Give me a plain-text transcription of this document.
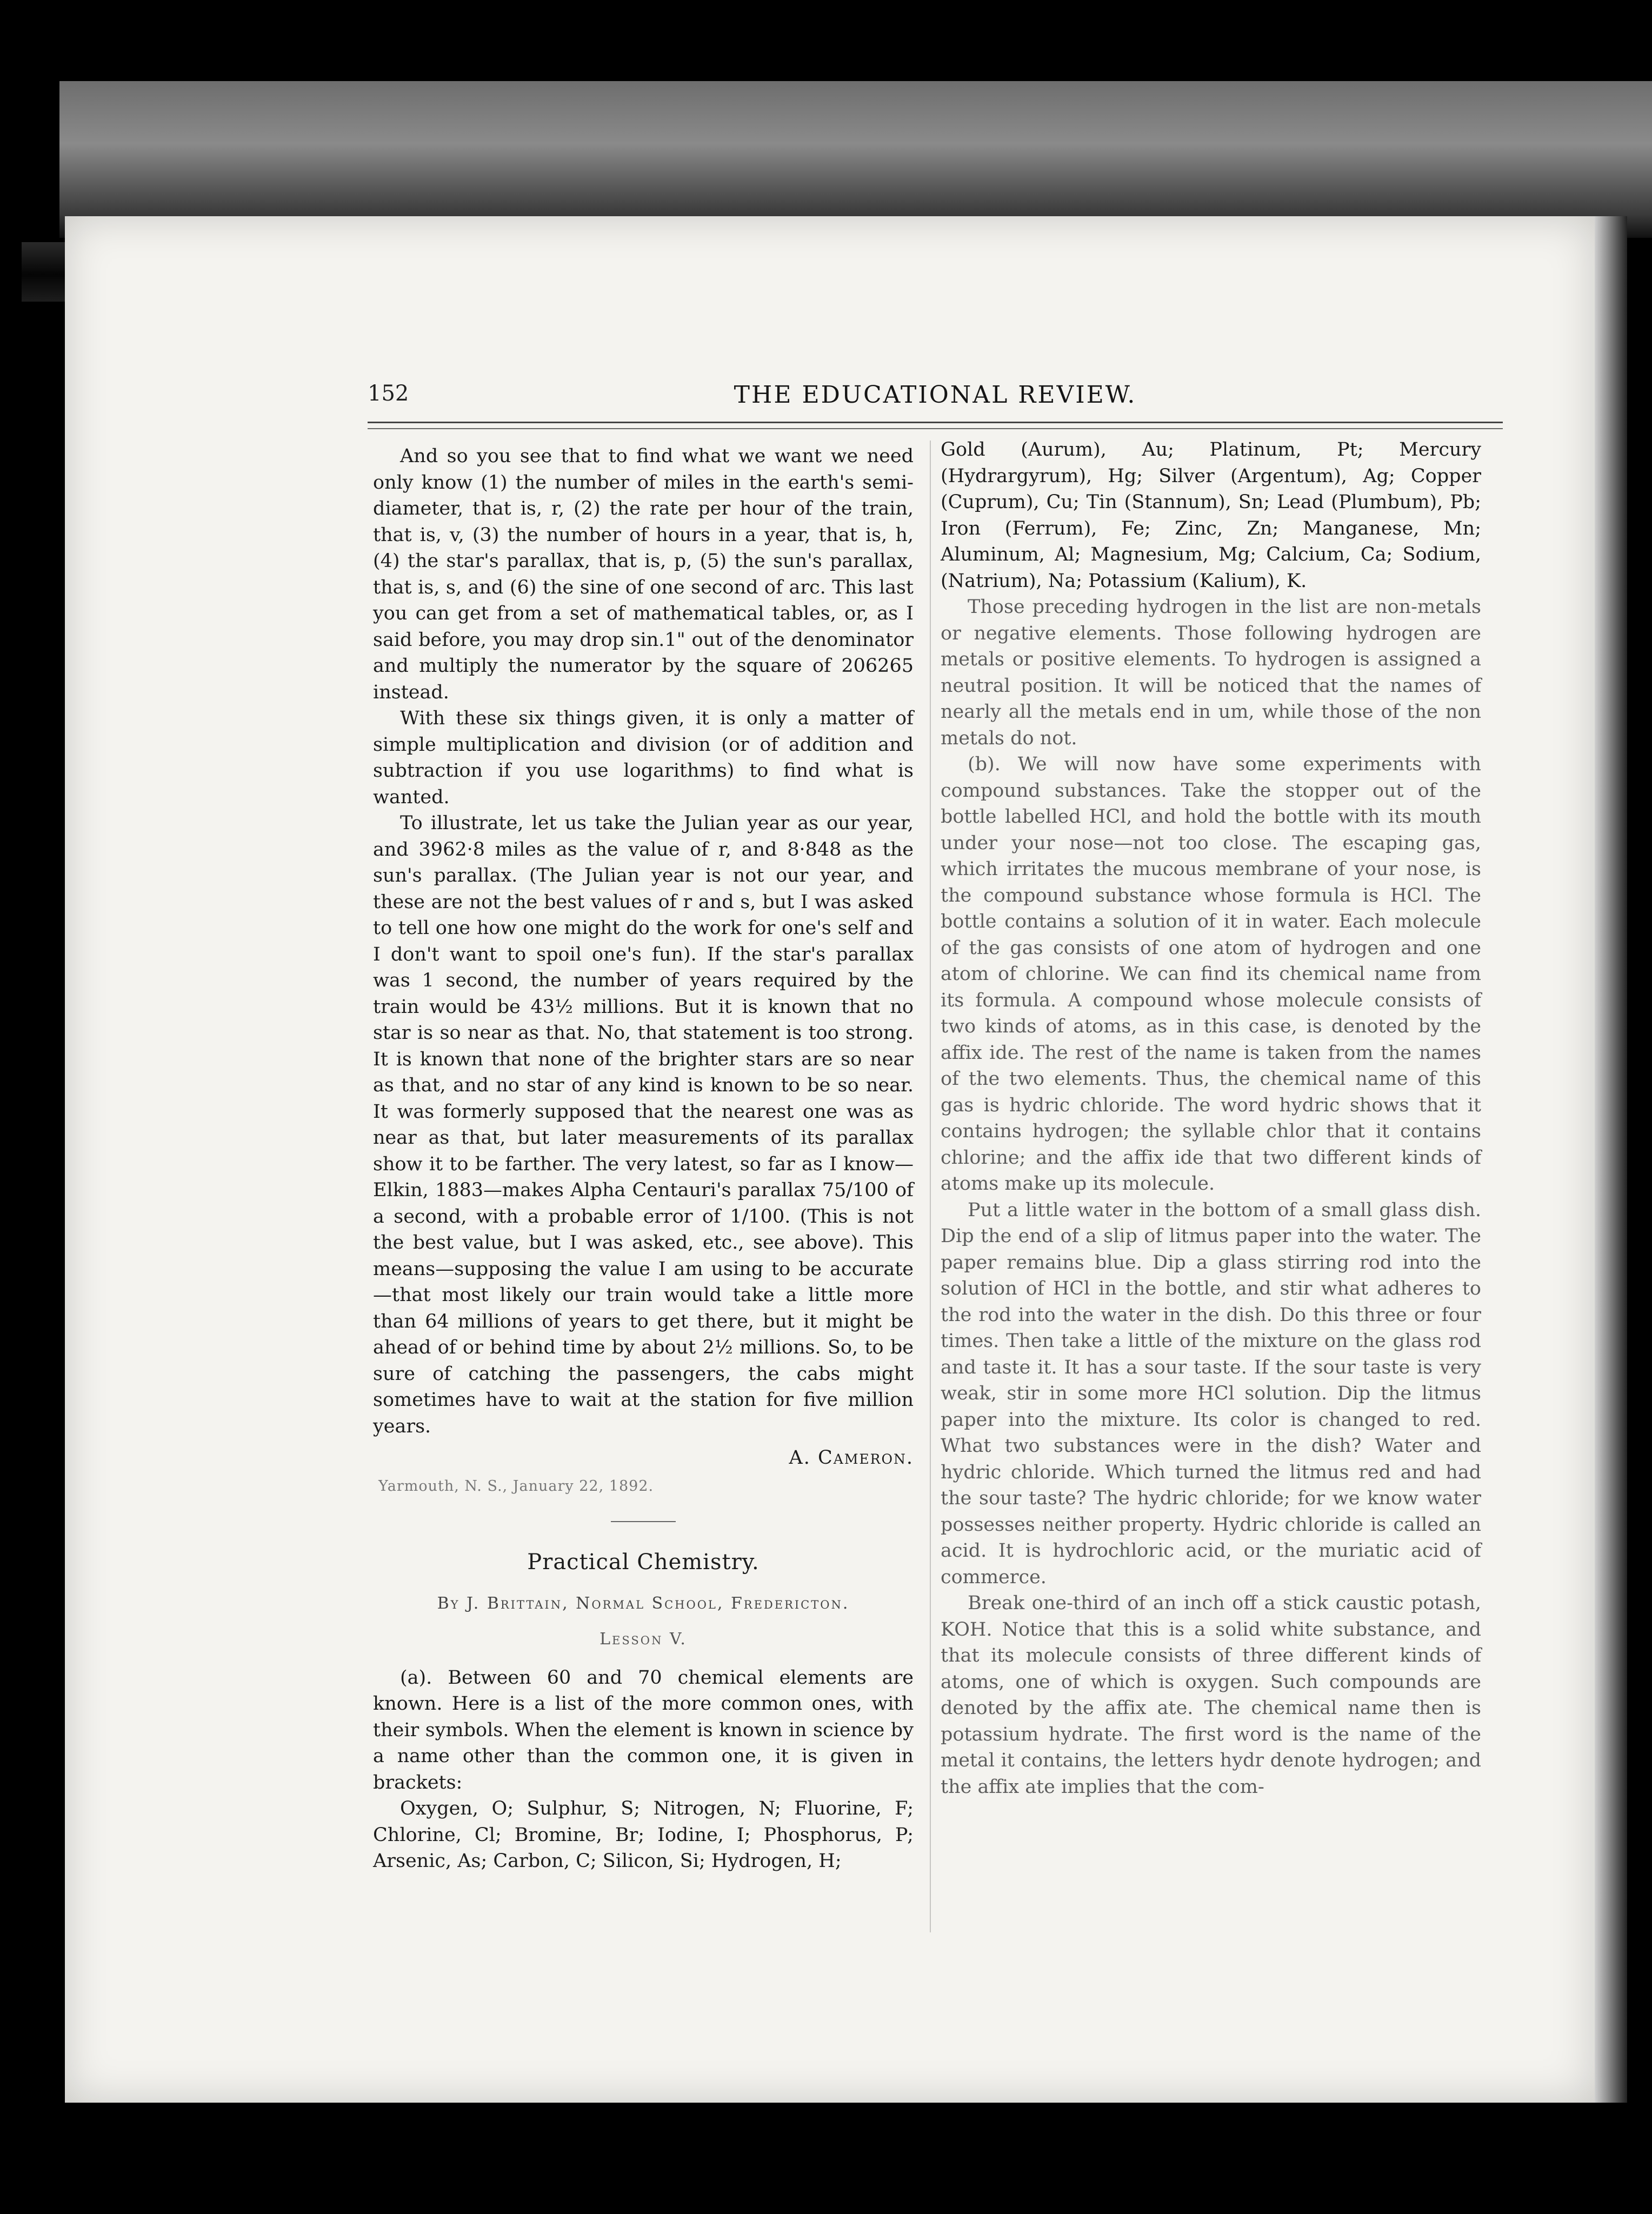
152	THE EDUCATIONAL REVIEW.

And so you see that to find what we want we need only know (1) the number of miles in the earth's semi-diameter, that is, r, (2) the rate per hour of the train, that is, v, (3) the number of hours in a year, that is, h, (4) the star's parallax, that is, p, (5) the sun's parallax, that is, s, and (6) the sine of one second of arc. This last you can get from a set of mathematical tables, or, as I said before, you may drop sin.1" out of the denominator and multiply the numerator by the square of 206265 instead.

With these six things given, it is only a matter of simple multiplication and division (or of addition and subtraction if you use logarithms) to find what is wanted.

To illustrate, let us take the Julian year as our year, and 3962·8 miles as the value of r, and 8·848 as the sun's parallax. (The Julian year is not our year, and these are not the best values of r and s, but I was asked to tell one how one might do the work for one's self and I don't want to spoil one's fun). If the star's parallax was 1 second, the number of years required by the train would be 43½ millions. But it is known that no star is so near as that. No, that statement is too strong. It is known that none of the brighter stars are so near as that, and no star of any kind is known to be so near. It was formerly supposed that the nearest one was as near as that, but later measurements of its parallax show it to be farther. The very latest, so far as I know—Elkin, 1883—makes Alpha Centauri's parallax 75/100 of a second, with a probable error of 1/100. (This is not the best value, but I was asked, etc., see above). This means—supposing the value I am using to be accurate—that most likely our train would take a little more than 64 millions of years to get there, but it might be ahead of or behind time by about 2½ millions. So, to be sure of catching the passengers, the cabs might sometimes have to wait at the station for five million years.

A. Cameron.
Yarmouth, N. S., January 22, 1892.
Practical Chemistry.
By J. Brittain, Normal School, Fredericton.
Lesson V.

(a). Between 60 and 70 chemical elements are known. Here is a list of the more common ones, with their symbols. When the element is known in science by a name other than the common one, it is given in brackets:

Oxygen, O; Sulphur, S; Nitrogen, N; Fluorine, F; Chlorine, Cl; Bromine, Br; Iodine, I; Phosphorus, P; Arsenic, As; Carbon, C; Silicon, Si; Hydrogen, H;

Gold (Aurum), Au; Platinum, Pt; Mercury (Hydrargyrum), Hg; Silver (Argentum), Ag; Copper (Cuprum), Cu; Tin (Stannum), Sn; Lead (Plumbum), Pb; Iron (Ferrum), Fe; Zinc, Zn; Manganese, Mn; Aluminum, Al; Magnesium, Mg; Calcium, Ca; Sodium, (Natrium), Na; Potassium (Kalium), K.

Those preceding hydrogen in the list are non-metals or negative elements. Those following hydrogen are metals or positive elements. To hydrogen is assigned a neutral position. It will be noticed that the names of nearly all the metals end in um, while those of the non metals do not.

(b). We will now have some experiments with compound substances. Take the stopper out of the bottle labelled HCl, and hold the bottle with its mouth under your nose—not too close. The escaping gas, which irritates the mucous membrane of your nose, is the compound substance whose formula is HCl. The bottle contains a solution of it in water. Each molecule of the gas consists of one atom of hydrogen and one atom of chlorine. We can find its chemical name from its formula. A compound whose molecule consists of two kinds of atoms, as in this case, is denoted by the affix ide. The rest of the name is taken from the names of the two elements. Thus, the chemical name of this gas is hydric chloride. The word hydric shows that it contains hydrogen; the syllable chlor that it contains chlorine; and the affix ide that two different kinds of atoms make up its molecule.

Put a little water in the bottom of a small glass dish. Dip the end of a slip of litmus paper into the water. The paper remains blue. Dip a glass stirring rod into the solution of HCl in the bottle, and stir what adheres to the rod into the water in the dish. Do this three or four times. Then take a little of the mixture on the glass rod and taste it. It has a sour taste. If the sour taste is very weak, stir in some more HCl solution. Dip the litmus paper into the mixture. Its color is changed to red. What two substances were in the dish? Water and hydric chloride. Which turned the litmus red and had the sour taste? The hydric chloride; for we know water possesses neither property. Hydric chloride is called an acid. It is hydrochloric acid, or the muriatic acid of commerce.

Break one-third of an inch off a stick caustic potash, KOH. Notice that this is a solid white substance, and that its molecule consists of three different kinds of atoms, one of which is oxygen. Such compounds are denoted by the affix ate. The chemical name then is potassium hydrate. The first word is the name of the metal it contains, the letters hydr denote hydrogen; and the affix ate implies that the com-
